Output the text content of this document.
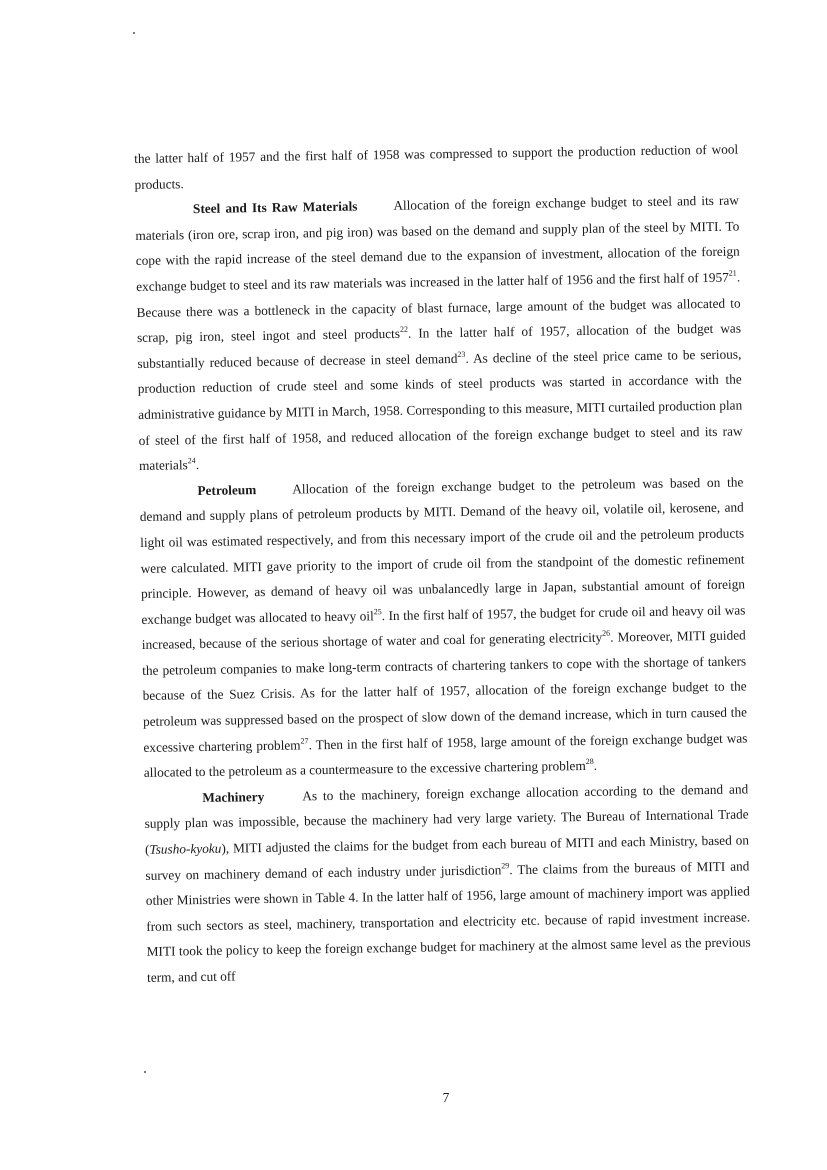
the latter half of 1957 and the first half of 1958 was compressed to support the production reduction of wool products.

Steel and Its Raw Materials	Allocation of the foreign exchange budget to steel and its raw materials (iron ore, scrap iron, and pig iron) was based on the demand and supply plan of the steel by MITI. To cope with the rapid increase of the steel demand due to the expansion of investment, allocation of the foreign exchange budget to steel and its raw materials was increased in the latter half of 1956 and the first half of 1957$^{21}$. Because there was a bottleneck in the capacity of blast furnace, large amount of the budget was allocated to scrap, pig iron, steel ingot and steel products$^{22}$. In the latter half of 1957, allocation of the budget was substantially reduced because of decrease in steel demand$^{23}$. As decline of the steel price came to be serious, production reduction of crude steel and some kinds of steel products was started in accordance with the administrative guidance by MITI in March, 1958. Corresponding to this measure, MITI curtailed production plan of steel of the first half of 1958, and reduced allocation of the foreign exchange budget to steel and its raw materials$^{24}$.

Petroleum	Allocation of the foreign exchange budget to the petroleum was based on the demand and supply plans of petroleum products by MITI. Demand of the heavy oil, volatile oil, kerosene, and light oil was estimated respectively, and from this necessary import of the crude oil and the petroleum products were calculated. MITI gave priority to the import of crude oil from the standpoint of the domestic refinement principle. However, as demand of heavy oil was unbalancedly large in Japan, substantial amount of foreign exchange budget was allocated to heavy oil$^{25}$. In the first half of 1957, the budget for crude oil and heavy oil was increased, because of the serious shortage of water and coal for generating electricity$^{26}$. Moreover, MITI guided the petroleum companies to make long-term contracts of chartering tankers to cope with the shortage of tankers because of the Suez Crisis. As for the latter half of 1957, allocation of the foreign exchange budget to the petroleum was suppressed based on the prospect of slow down of the demand increase, which in turn caused the excessive chartering problem$^{27}$. Then in the first half of 1958, large amount of the foreign exchange budget was allocated to the petroleum as a countermeasure to the excessive chartering problem$^{28}$.

Machinery	As to the machinery, foreign exchange allocation according to the demand and supply plan was impossible, because the machinery had very large variety. The Bureau of International Trade (Tsusho-kyoku), MITI adjusted the claims for the budget from each bureau of MITI and each Ministry, based on survey on machinery demand of each industry under jurisdiction$^{29}$. The claims from the bureaus of MITI and other Ministries were shown in Table 4. In the latter half of 1956, large amount of machinery import was applied from such sectors as steel, machinery, transportation and electricity etc. because of rapid investment increase. MITI took the policy to keep the foreign exchange budget for machinery at the almost same level as the previous term, and cut off

7
